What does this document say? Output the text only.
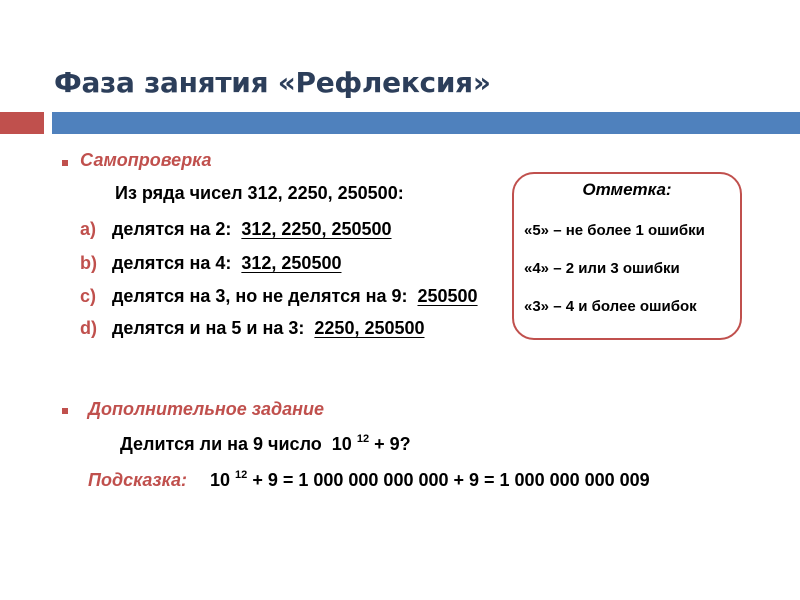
Фаза занятия «Рефлексия»
Самопроверка
Из ряда чисел 312, 2250, 250500:
a) делятся на 2: 312, 2250, 250500
b) делятся на 4: 312, 250500
c) делятся на 3, но не делятся на 9: 250500
d) делятся и на 5 и на 3: 2250, 250500
Отметка:
«5» – не более 1 ошибки
«4» – 2 или 3 ошибки
«3» – 4 и более ошибок
Дополнительное задание
Делится ли на 9 число 10 $^{12}$ + 9?
Подсказка: 10 $^{12}$ + 9 = 1 000 000 000 000 + 9 = 1 000 000 000 009
